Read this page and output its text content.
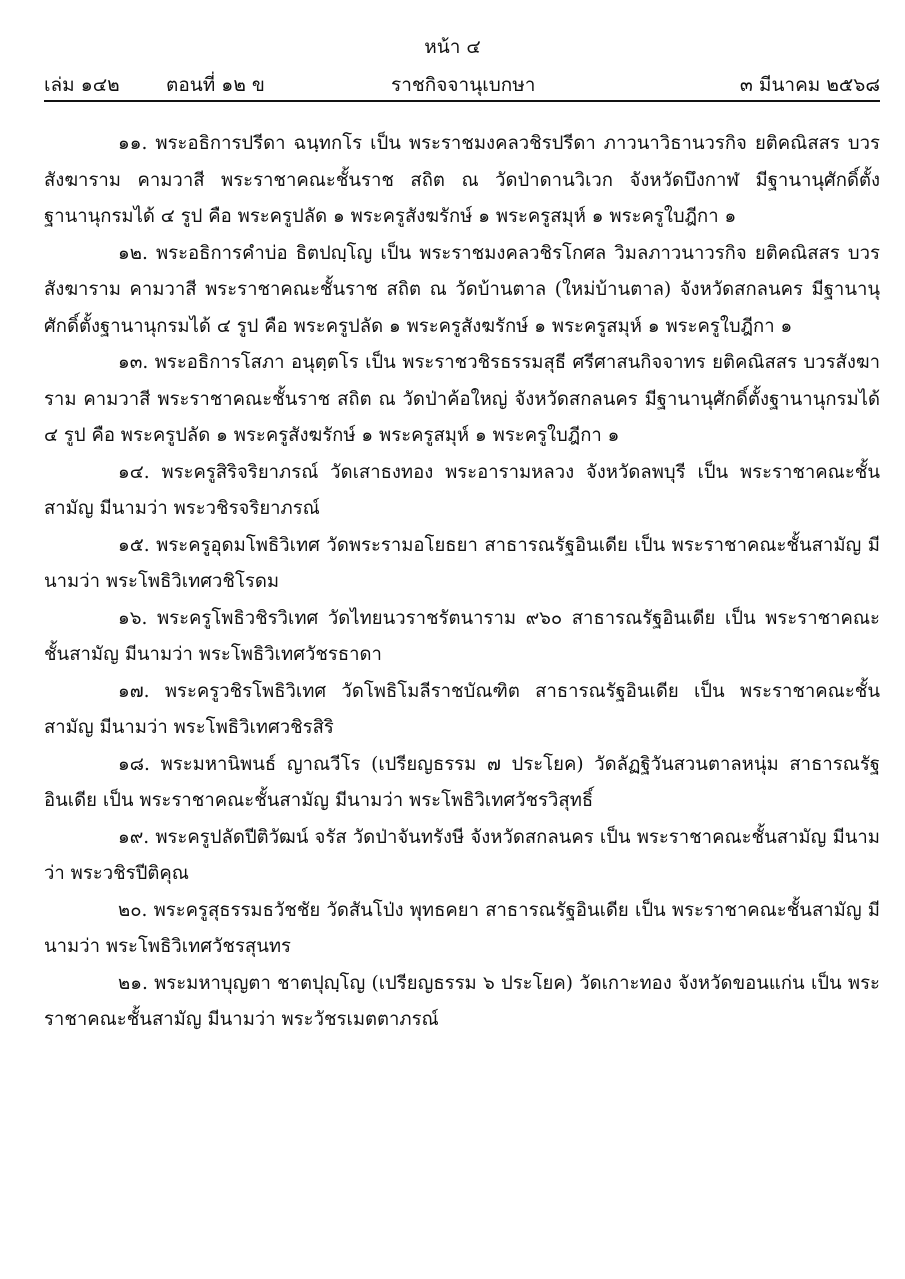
หน้า ๔
เล่ม ๑๔๒ ตอนที่ ๑๒ ข	ราชกิจจานุเบกษา	๓ มีนาคม ๒๕๖๘

๑๑. พระอธิการปรีดา ฉนฺทกโร เป็น พระราชมงคลวชิรปรีดา ภาวนาวิธานวรกิจ ยติคณิสสร บวรสังฆาราม คามวาสี พระราชาคณะชั้นราช สถิต ณ วัดป่าดานวิเวก จังหวัดบึงกาฬ มีฐานานุศักดิ์ตั้งฐานานุกรมได้ ๔ รูป คือ พระครูปลัด ๑ พระครูสังฆรักษ์ ๑ พระครูสมุห์ ๑ พระครูใบฎีกา ๑

๑๒. พระอธิการคำบ่อ ธิตปญฺโญ เป็น พระราชมงคลวชิรโกศล วิมลภาวนาวรกิจ ยติคณิสสร บวรสังฆาราม คามวาสี พระราชาคณะชั้นราช สถิต ณ วัดบ้านตาล (ใหม่บ้านตาล) จังหวัดสกลนคร มีฐานานุศักดิ์ตั้งฐานานุกรมได้ ๔ รูป คือ พระครูปลัด ๑ พระครูสังฆรักษ์ ๑ พระครูสมุห์ ๑ พระครูใบฎีกา ๑

๑๓. พระอธิการโสภา อนุตฺตโร เป็น พระราชวชิรธรรมสุธี ศรีศาสนกิจจาทร ยติคณิสสร บวรสังฆาราม คามวาสี พระราชาคณะชั้นราช สถิต ณ วัดป่าค้อใหญ่ จังหวัดสกลนคร มีฐานานุศักดิ์ตั้งฐานานุกรมได้ ๔ รูป คือ พระครูปลัด ๑ พระครูสังฆรักษ์ ๑ พระครูสมุห์ ๑ พระครูใบฎีกา ๑

๑๔. พระครูสิริจริยาภรณ์ วัดเสาธงทอง พระอารามหลวง จังหวัดลพบุรี เป็น พระราชาคณะชั้นสามัญ มีนามว่า พระวชิรจริยาภรณ์

๑๕. พระครูอุดมโพธิวิเทศ วัดพระรามอโยธยา สาธารณรัฐอินเดีย เป็น พระราชาคณะชั้นสามัญ มีนามว่า พระโพธิวิเทศวชิโรดม

๑๖. พระครูโพธิวชิรวิเทศ วัดไทยนวราชรัตนาราม ๙๖๐ สาธารณรัฐอินเดีย เป็น พระราชาคณะชั้นสามัญ มีนามว่า พระโพธิวิเทศวัชรธาดา

๑๗. พระครูวชิรโพธิวิเทศ วัดโพธิโมลีราชบัณฑิต สาธารณรัฐอินเดีย เป็น พระราชาคณะชั้นสามัญ มีนามว่า พระโพธิวิเทศวชิรสิริ

๑๘. พระมหานิพนธ์ ญาณวีโร (เปรียญธรรม ๗ ประโยค) วัดลัฏฐิวันสวนตาลหนุ่ม สาธารณรัฐอินเดีย เป็น พระราชาคณะชั้นสามัญ มีนามว่า พระโพธิวิเทศวัชรวิสุทธิ์

๑๙. พระครูปลัดปีติวัฒน์ จรัส วัดป่าจันทรังษี จังหวัดสกลนคร เป็น พระราชาคณะชั้นสามัญ มีนามว่า พระวชิรปีติคุณ

๒๐. พระครูสุธรรมธวัชชัย วัดสันโป่ง พุทธคยา สาธารณรัฐอินเดีย เป็น พระราชาคณะชั้นสามัญ มีนามว่า พระโพธิวิเทศวัชรสุนทร

๒๑. พระมหาบุญตา ชาตปุญฺโญ (เปรียญธรรม ๖ ประโยค) วัดเกาะทอง จังหวัดขอนแก่น เป็น พระราชาคณะชั้นสามัญ มีนามว่า พระวัชรเมตตาภรณ์
